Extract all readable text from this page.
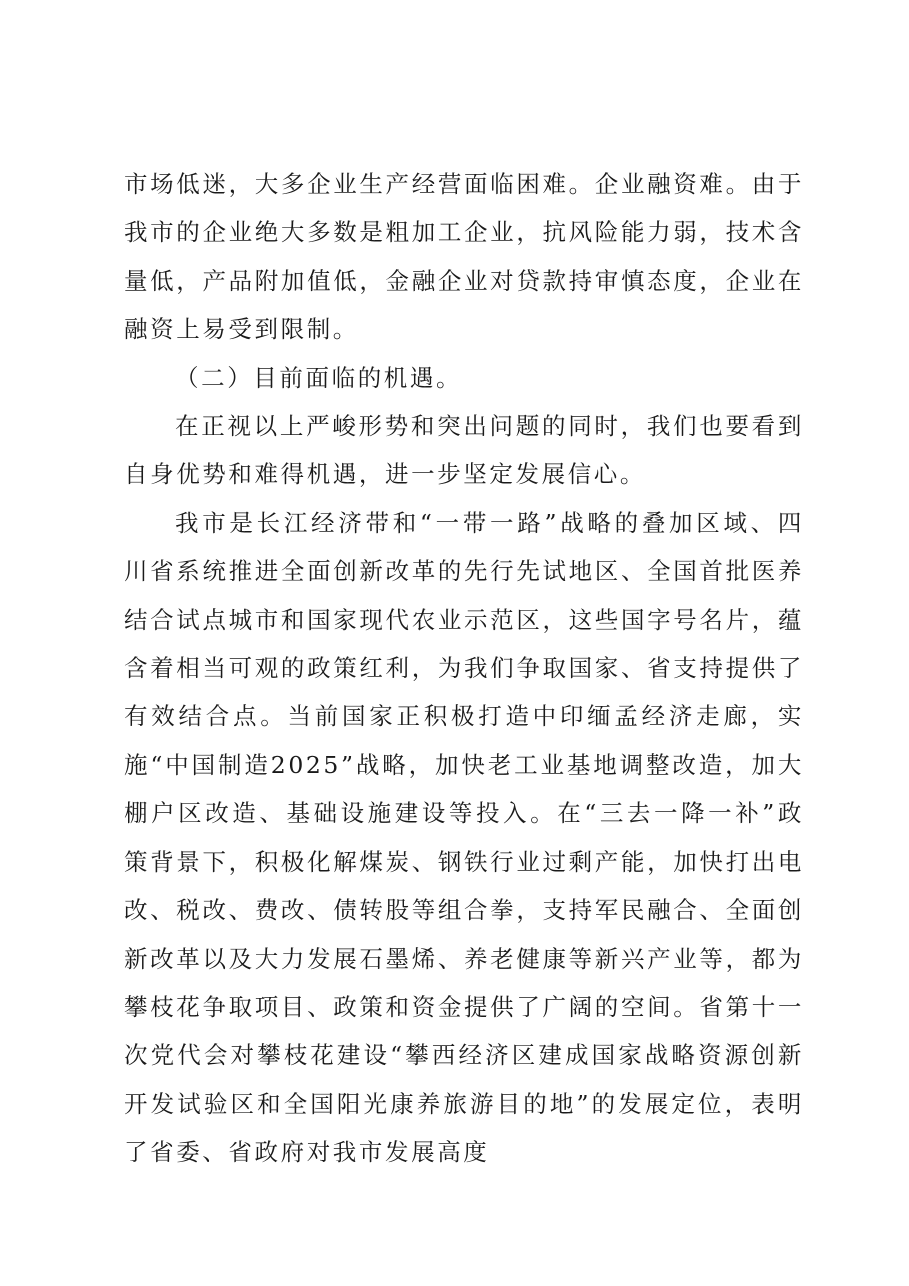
市场低迷，大多企业生产经营面临困难。企业融资难。由于我市的企业绝大多数是粗加工企业，抗风险能力弱，技术含量低，产品附加值低，金融企业对贷款持审慎态度，企业在融资上易受到限制。

（二）目前面临的机遇。

在正视以上严峻形势和突出问题的同时，我们也要看到自身优势和难得机遇，进一步坚定发展信心。

我市是长江经济带和“一带一路”战略的叠加区域、四川省系统推进全面创新改革的先行先试地区、全国首批医养结合试点城市和国家现代农业示范区，这些国字号名片，蕴含着相当可观的政策红利，为我们争取国家、省支持提供了有效结合点。当前国家正积极打造中印缅孟经济走廊，实施“中国制造2025”战略，加快老工业基地调整改造，加大棚户区改造、基础设施建设等投入。在“三去一降一补”政策背景下，积极化解煤炭、钢铁行业过剩产能，加快打出电改、税改、费改、债转股等组合拳，支持军民融合、全面创新改革以及大力发展石墨烯、养老健康等新兴产业等，都为攀枝花争取项目、政策和资金提供了广阔的空间。省第十一次党代会对攀枝花建设“攀西经济区建成国家战略资源创新开发试验区和全国阳光康养旅游目的地”的发展定位，表明了省委、省政府对我市发展高度
